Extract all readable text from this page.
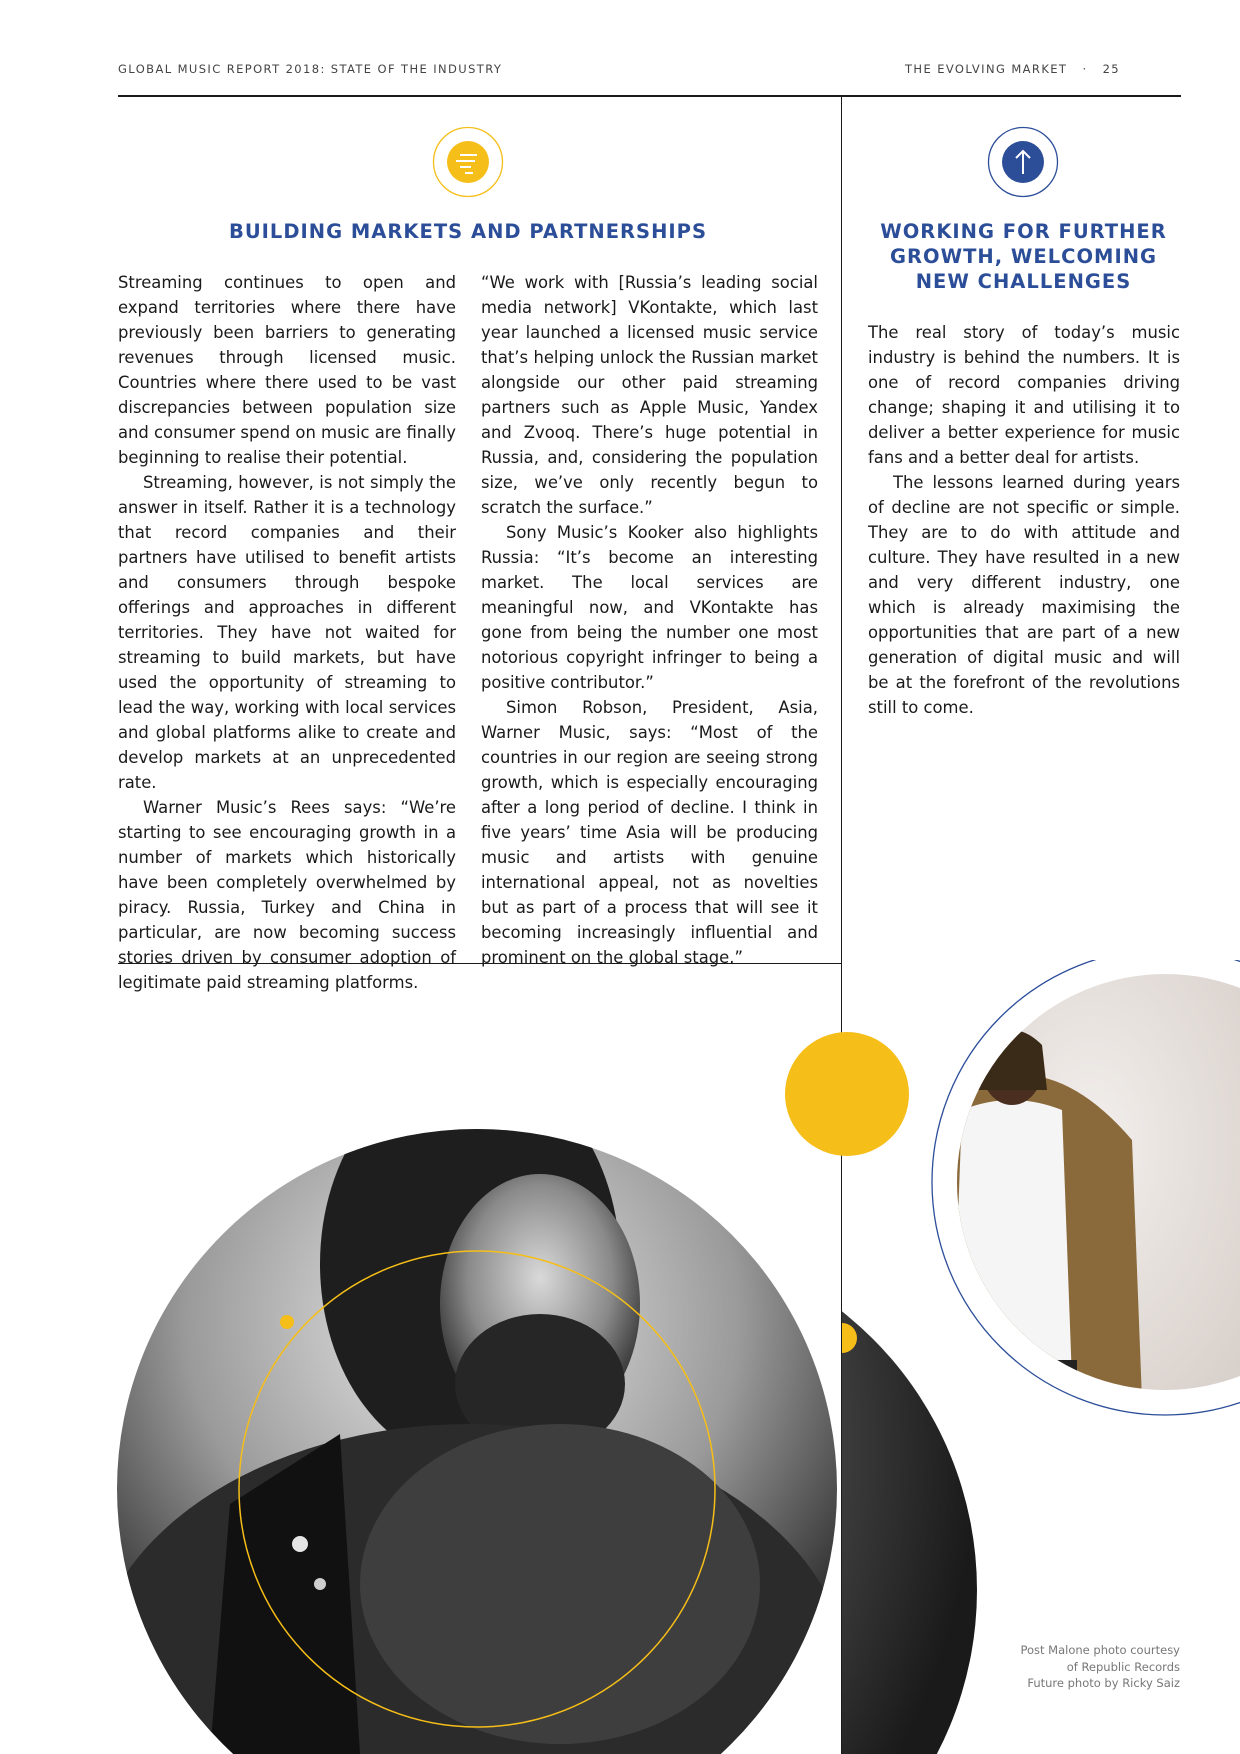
GLOBAL MUSIC REPORT 2018: STATE OF THE INDUSTRY	THE EVOLVING MARKET · 25
BUILDING MARKETS AND PARTNERSHIPS

Streaming continues to open and expand territories where there have previously been barriers to generating revenues through licensed music. Countries where there used to be vast discrepancies between population size and consumer spend on music are finally beginning to realise their potential.

Streaming, however, is not simply the answer in itself. Rather it is a technology that record companies and their partners have utilised to benefit artists and consumers through bespoke offerings and approaches in different territories. They have not waited for streaming to build markets, but have used the opportunity of streaming to lead the way, working with local services and global platforms alike to create and develop markets at an unprecedented rate.

Warner Music’s Rees says: “We’re starting to see encouraging growth in a number of markets which historically have been completely overwhelmed by piracy. Russia, Turkey and China in particular, are now becoming success stories driven by consumer adoption of legitimate paid streaming platforms.

“We work with [Russia’s leading social media network] VKontakte, which last year launched a licensed music service that’s helping unlock the Russian market alongside our other paid streaming partners such as Apple Music, Yandex and Zvooq. There’s huge potential in Russia, and, considering the population size, we’ve only recently begun to scratch the surface.”

Sony Music’s Kooker also highlights Russia: “It’s become an interesting market. The local services are meaningful now, and VKontakte has gone from being the number one most notorious copyright infringer to being a positive contributor.”

Simon Robson, President, Asia, Warner Music, says: “Most of the countries in our region are seeing strong growth, which is especially encouraging after a long period of decline. I think in five years’ time Asia will be producing music and artists with genuine international appeal, not as novelties but as part of a process that will see it becoming increasingly influential and prominent on the global stage.”

WORKING FOR FURTHER GROWTH, WELCOMING NEW CHALLENGES

The real story of today’s music industry is behind the numbers. It is one of record companies driving change; shaping it and utilising it to deliver a better experience for music fans and a better deal for artists.

The lessons learned during years of decline are not specific or simple. They are to do with attitude and culture. They have resulted in a new and very different industry, one which is already maximising the opportunities that are part of a new generation of digital music and will be at the forefront of the revolutions still to come.

Post Malone photo courtesy
of Republic Records
Future photo by Ricky Saiz
